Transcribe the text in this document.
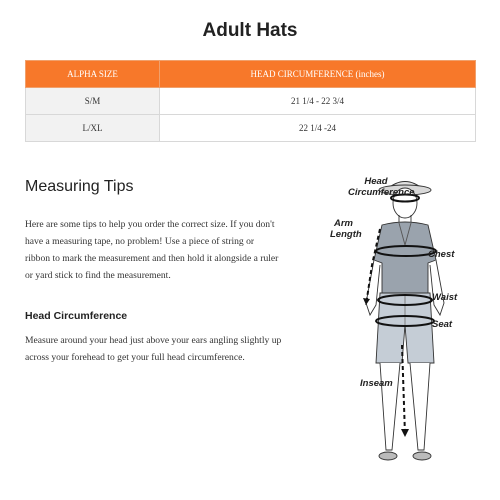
Adult Hats
ALPHA SIZE	HEAD CIRCUMFERENCE (inches)
S/M	21 1/4 - 22 3/4
L/XL	22 1/4 -24
Measuring Tips
Here are some tips to help you order the correct size. If you don't
have a measuring tape, no problem! Use a piece of string or
ribbon to mark the measurement and then hold it alongside a ruler
or yard stick to find the measurement.
Head Circumference
Measure around your head just above your ears angling slightly up
across your forehead to get your full head circumference.
Head
Circumference
Arm
Length
Chest
Waist
Seat
Inseam
